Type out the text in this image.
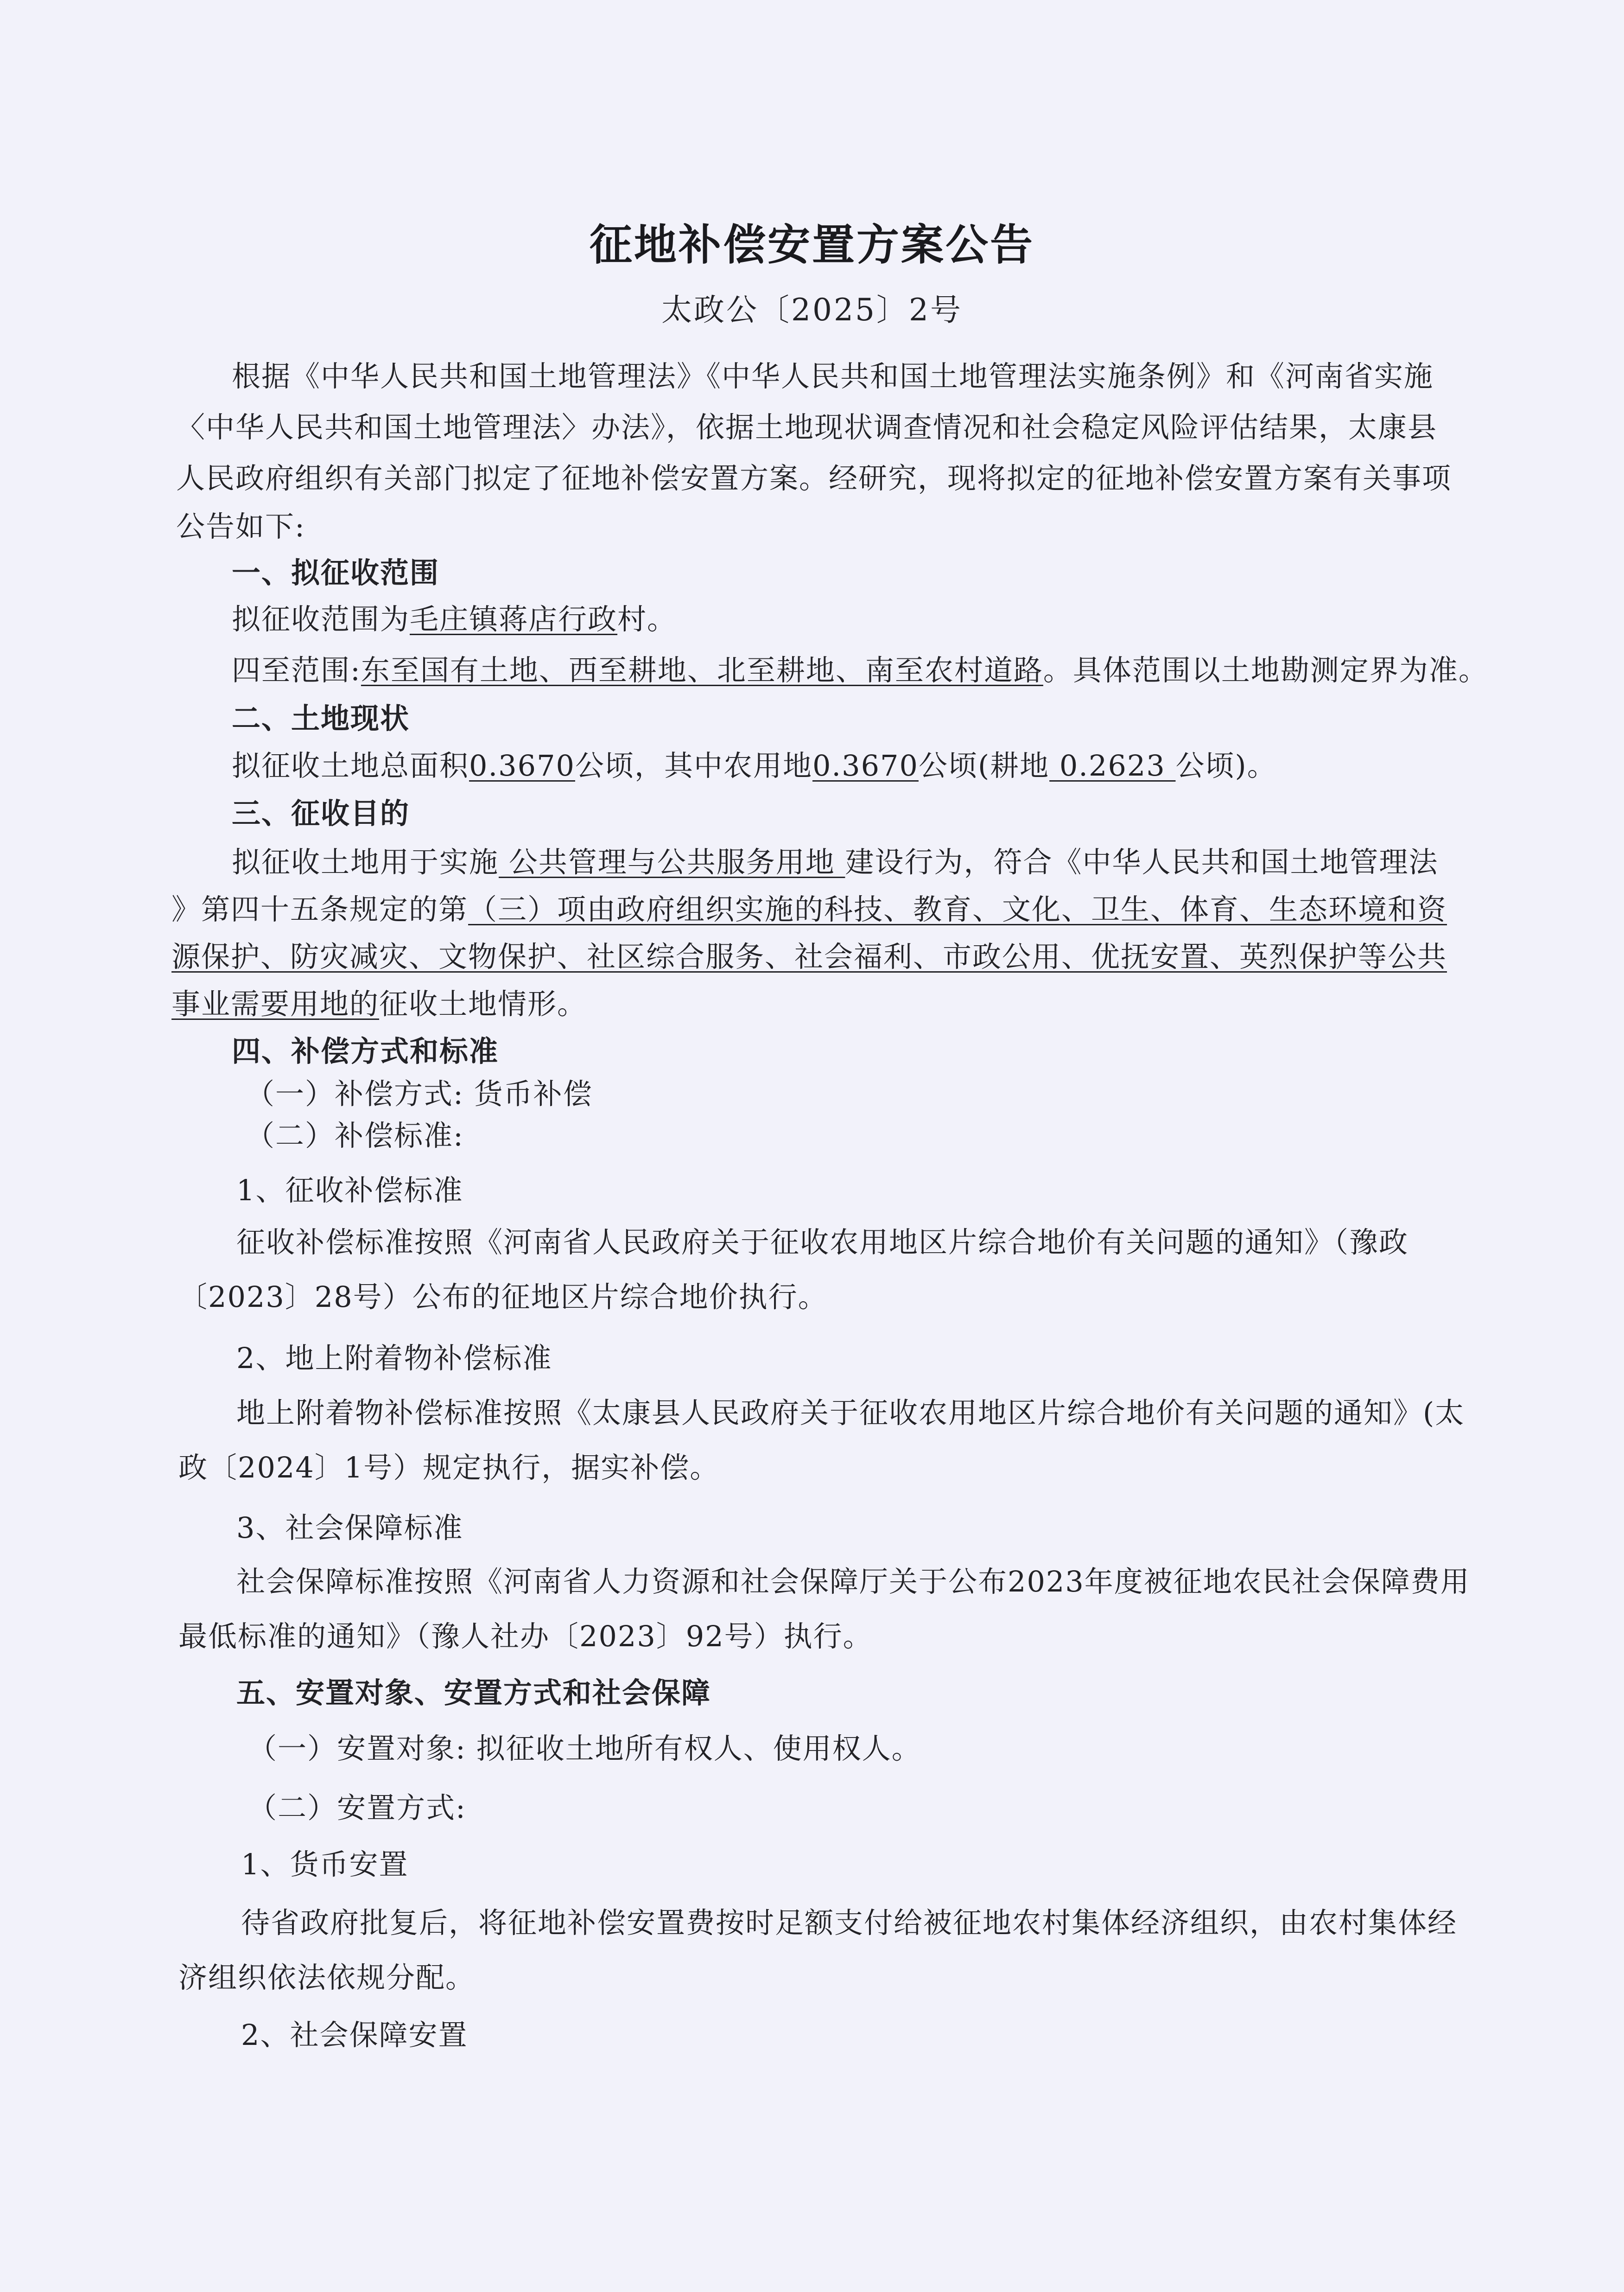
征地补偿安置方案公告
太政公〔2025〕2号
根据《中华人民共和国土地管理法》《中华人民共和国土地管理法实施条例》和《河南省实施
〈中华人民共和国土地管理法〉办法》，依据土地现状调查情况和社会稳定风险评估结果，太康县
人民政府组织有关部门拟定了征地补偿安置方案。经研究，现将拟定的征地补偿安置方案有关事项
公告如下:
一、拟征收范围
拟征收范围为毛庄镇蒋店行政村。
四至范围:东至国有土地、西至耕地、北至耕地、南至农村道路。具体范围以土地勘测定界为准。
二、土地现状
拟征收土地总面积0.3670公顷，其中农用地0.3670公顷(耕地 0.2623 公顷)。
三、征收目的
拟征收土地用于实施 公共管理与公共服务用地 建设行为，符合《中华人民共和国土地管理法
》第四十五条规定的第（三）项由政府组织实施的科技、教育、文化、卫生、体育、生态环境和资
源保护、防灾减灾、文物保护、社区综合服务、社会福利、市政公用、优抚安置、英烈保护等公共
事业需要用地的征收土地情形。
四、补偿方式和标准
（一）补偿方式: 货币补偿
（二）补偿标准:
1、征收补偿标准
征收补偿标准按照《河南省人民政府关于征收农用地区片综合地价有关问题的通知》（豫政
〔2023〕28号）公布的征地区片综合地价执行。
2、地上附着物补偿标准
地上附着物补偿标准按照《太康县人民政府关于征收农用地区片综合地价有关问题的通知》(太
政〔2024〕1号）规定执行，据实补偿。
3、社会保障标准
社会保障标准按照《河南省人力资源和社会保障厅关于公布2023年度被征地农民社会保障费用
最低标准的通知》（豫人社办〔2023〕92号）执行。
五、安置对象、安置方式和社会保障
（一）安置对象: 拟征收土地所有权人、使用权人。
（二）安置方式:
1、货币安置
待省政府批复后，将征地补偿安置费按时足额支付给被征地农村集体经济组织，由农村集体经
济组织依法依规分配。
2、社会保障安置
